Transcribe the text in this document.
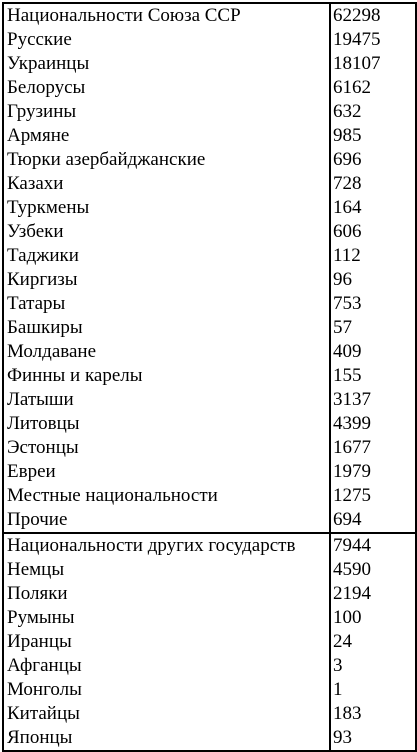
Национальности Союза ССР	62298
Русские	19475
Украинцы	18107
Белорусы	6162
Грузины	632
Армяне	985
Тюрки азербайджанские	696
Казахи	728
Туркмены	164
Узбеки	606
Таджики	112
Киргизы	96
Татары	753
Башкиры	57
Молдаване	409
Финны и карелы	155
Латыши	3137
Литовцы	4399
Эстонцы	1677
Евреи	1979
Местные национальности	1275
Прочие	694
Национальности других государств	7944
Немцы	4590
Поляки	2194
Румыны	100
Иранцы	24
Афганцы	3
Монголы	1
Китайцы	183
Японцы	93
